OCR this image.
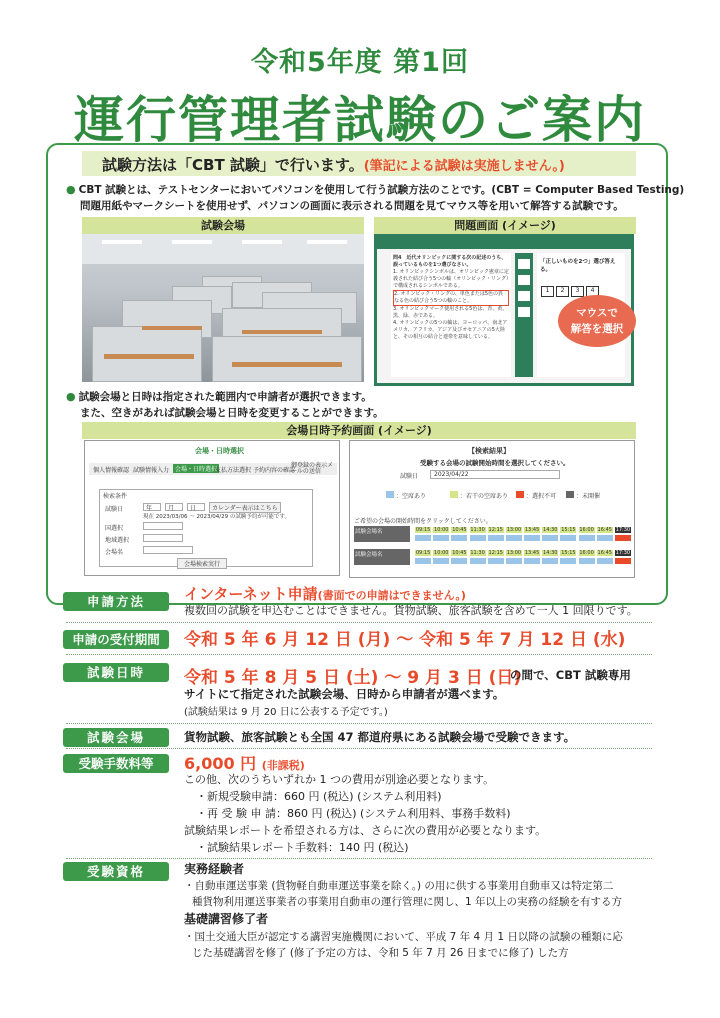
令和5年度 第1回
運行管理者試験のご案内
試験方法は「CBT 試験」で行います。(筆記による試験は実施しません。)
● CBT 試験とは、テストセンターにおいてパソコンを使用して行う試験方法のことです。(CBT = Computer Based Testing)
問題用紙やマークシートを使用せず、パソコンの画面に表示される問題を見てマウス等を用いて解答する試験です。
試験会場	問題画面 (イメージ)
問4　近代オリンピックに関する次の記述のうち、誤っているものを1つ選びなさい。
1. オリンピックシンボルは、オリンピック憲章に定義された結び合う5つの輪（オリンピック・リング）で構成されるシンボルである。
2. オリンピック・リングの、単色または5色の異なる色の結び合う5つの輪のこと。
3. オリンピックマーク使用される5色は、青、黄、黒、緑、赤である。
4. オリンピックの5つの輪は、ヨーロッパ、南北アメリカ、アフリカ、アジア及びオセアニアの5大陸と、その相互の結合と連帯を意味している。
「正しいものを2つ」選び答える。
1 2 3 4
マウスで
解答を選択
● 試験会場と日時は指定された範囲内で申請者が選択できます。
また、空きがあれば試験会場と日時を変更することができます。
会場日時予約画面 (イメージ)
会場・日時選択
個人情報確認 試験情報入力 会場・日時選択
支払方法選択 予約内容の確認
御登録の表示メールの送信
検索条件
試験日	年	月	日	カレンダー表示はこちら
現在 2023/03/06 ～ 2023/04/29 の試験予約が可能です。
国選択
地域選択
会場名
会場検索実行
【検索結果】
受験する会場の試験開始時間を選択してください。
試験日	2023/04/22
：空席あり	：若干の空席あり	：選択不可	：未開催
ご希望の会場の開始時間をクリックしてください。
試験会場名	09:15 10:00 10:45 11:30 12:15 13:00 13:45 14:30 15:15 16:00 16:45 17:30
試験会場名	09:15 10:00 10:45 11:30 12:15 13:00 13:45 14:30 15:15 16:00 16:45 17:30
申請方法	インターネット申請(書面での申請はできません。)
複数回の試験を申込むことはできません。貨物試験、旅客試験を含めて一人 1 回限りです。
申請の受付期間	令和 5 年 6 月 12 日 (月) ～ 令和 5 年 7 月 12 日 (水)
試験日時	令和 5 年 8 月 5 日 (土) ～ 9 月 3 日 (日)
の間で、CBT 試験専用
サイトにて指定された試験会場、日時から申請者が選べます。
(試験結果は 9 月 20 日に公表する予定です。)
試験会場	貨物試験、旅客試験とも全国 47 都道府県にある試験会場で受験できます。
受験手数料等	6,000 円 (非課税)
この他、次のうちいずれか 1 つの費用が別途必要となります。
・新規受験申請：660 円 (税込) (システム利用料)
・再 受 験 申 請：860 円 (税込) (システム利用料、事務手数料)
試験結果レポートを希望される方は、さらに次の費用が必要となります。
・試験結果レポート手数料：140 円 (税込)
受験資格	実務経験者
・自動車運送事業 (貨物軽自動車運送事業を除く。) の用に供する事業用自動車又は特定第二
種貨物利用運送事業者の事業用自動車の運行管理に関し、1 年以上の実務の経験を有する方
基礎講習修了者
・国土交通大臣が認定する講習実施機関において、平成 7 年 4 月 1 日以降の試験の種類に応
じた基礎講習を修了 (修了予定の方は、令和 5 年 7 月 26 日までに修了) した方
